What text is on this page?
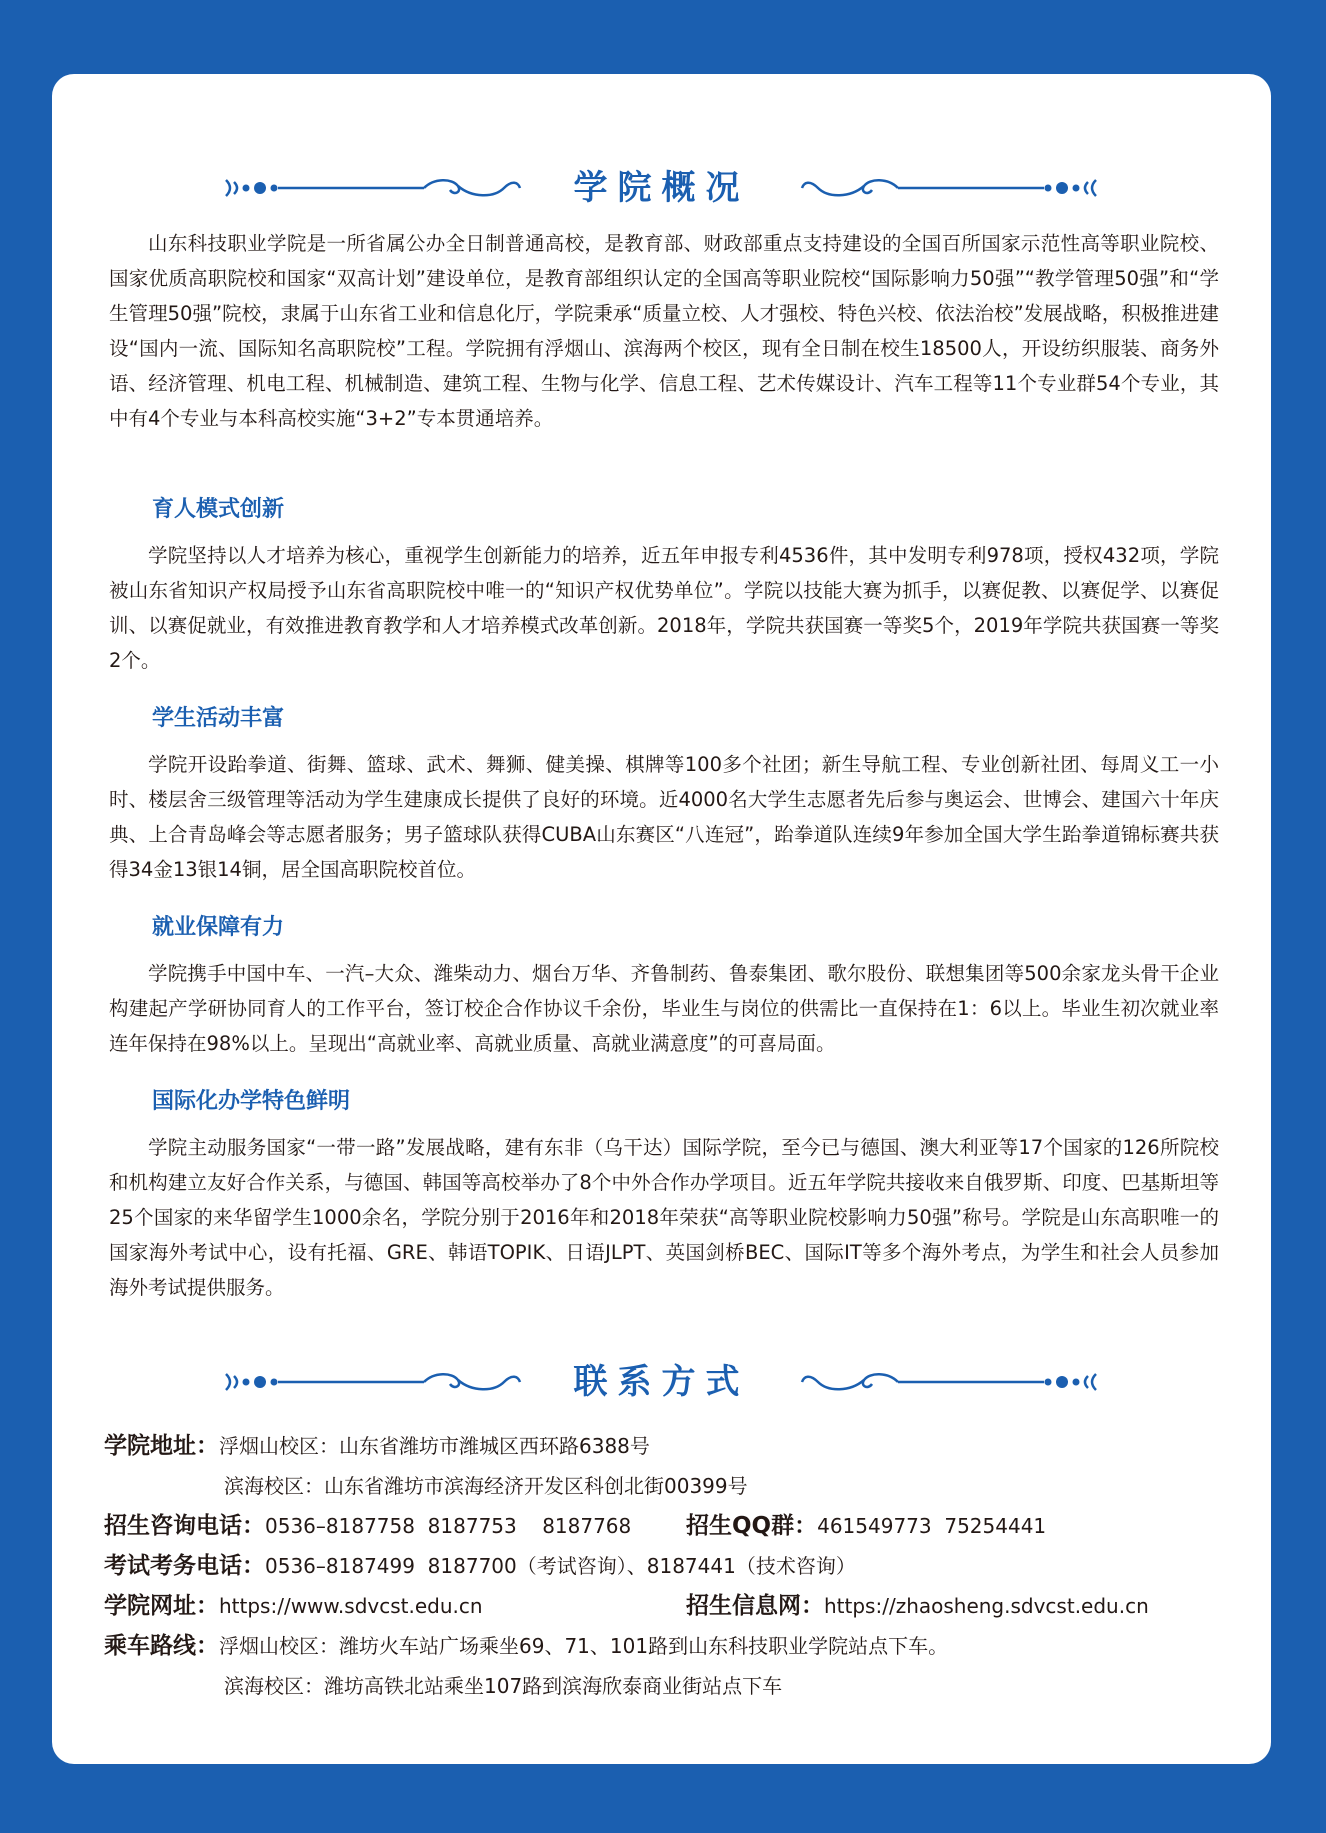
学院概况

山东科技职业学院是一所省属公办全日制普通高校，是教育部、财政部重点支持建设的全国百所国家示范性高等职业院校、国家优质高职院校和国家“双高计划”建设单位，是教育部组织认定的全国高等职业院校“国际影响力50强”“教学管理50强”和“学生管理50强”院校，隶属于山东省工业和信息化厅，学院秉承“质量立校、人才强校、特色兴校、依法治校”发展战略，积极推进建设“国内一流、国际知名高职院校”工程。学院拥有浮烟山、滨海两个校区，现有全日制在校生18500人，开设纺织服装、商务外语、经济管理、机电工程、机械制造、建筑工程、生物与化学、信息工程、艺术传媒设计、汽车工程等11个专业群54个专业，其中有4个专业与本科高校实施“3+2”专本贯通培养。

育人模式创新

学院坚持以人才培养为核心，重视学生创新能力的培养，近五年申报专利4536件，其中发明专利978项，授权432项，学院被山东省知识产权局授予山东省高职院校中唯一的“知识产权优势单位”。学院以技能大赛为抓手，以赛促教、以赛促学、以赛促训、以赛促就业，有效推进教育教学和人才培养模式改革创新。2018年，学院共获国赛一等奖5个，2019年学院共获国赛一等奖2个。

学生活动丰富

学院开设跆拳道、街舞、篮球、武术、舞狮、健美操、棋牌等100多个社团；新生导航工程、专业创新社团、每周义工一小时、楼层舍三级管理等活动为学生建康成长提供了良好的环境。近4000名大学生志愿者先后参与奥运会、世博会、建国六十年庆典、上合青岛峰会等志愿者服务；男子篮球队获得CUBA山东赛区“八连冠”，跆拳道队连续9年参加全国大学生跆拳道锦标赛共获得34金13银14铜，居全国高职院校首位。

就业保障有力

学院携手中国中车、一汽–大众、潍柴动力、烟台万华、齐鲁制药、鲁泰集团、歌尔股份、联想集团等500余家龙头骨干企业构建起产学研协同育人的工作平台，签订校企合作协议千余份，毕业生与岗位的供需比一直保持在1：6以上。毕业生初次就业率连年保持在98%以上。呈现出“高就业率、高就业质量、高就业满意度”的可喜局面。

国际化办学特色鲜明

学院主动服务国家“一带一路”发展战略，建有东非（乌干达）国际学院，至今已与德国、澳大利亚等17个国家的126所院校和机构建立友好合作关系，与德国、韩国等高校举办了8个中外合作办学项目。近五年学院共接收来自俄罗斯、印度、巴基斯坦等25个国家的来华留学生1000余名，学院分别于2016年和2018年荣获“高等职业院校影响力50强”称号。学院是山东高职唯一的国家海外考试中心，设有托福、GRE、韩语TOPIK、日语JLPT、英国剑桥BEC、国际IT等多个海外考点，为学生和社会人员参加海外考试提供服务。

联系方式
学院地址：浮烟山校区：山东省潍坊市潍城区西环路6388号
滨海校区：山东省潍坊市滨海经济开发区科创北街00399号
招生咨询电话：0536–8187758  8187753    8187768 招生QQ群：461549773  75254441
考试考务电话：0536–8187499  8187700（考试咨询）、8187441（技术咨询）
学院网址：https://www.sdvcst.edu.cn	招生信息网：https://zhaosheng.sdvcst.edu.cn
乘车路线：浮烟山校区：潍坊火车站广场乘坐69、71、101路到山东科技职业学院站点下车。
滨海校区：潍坊高铁北站乘坐107路到滨海欣泰商业街站点下车
